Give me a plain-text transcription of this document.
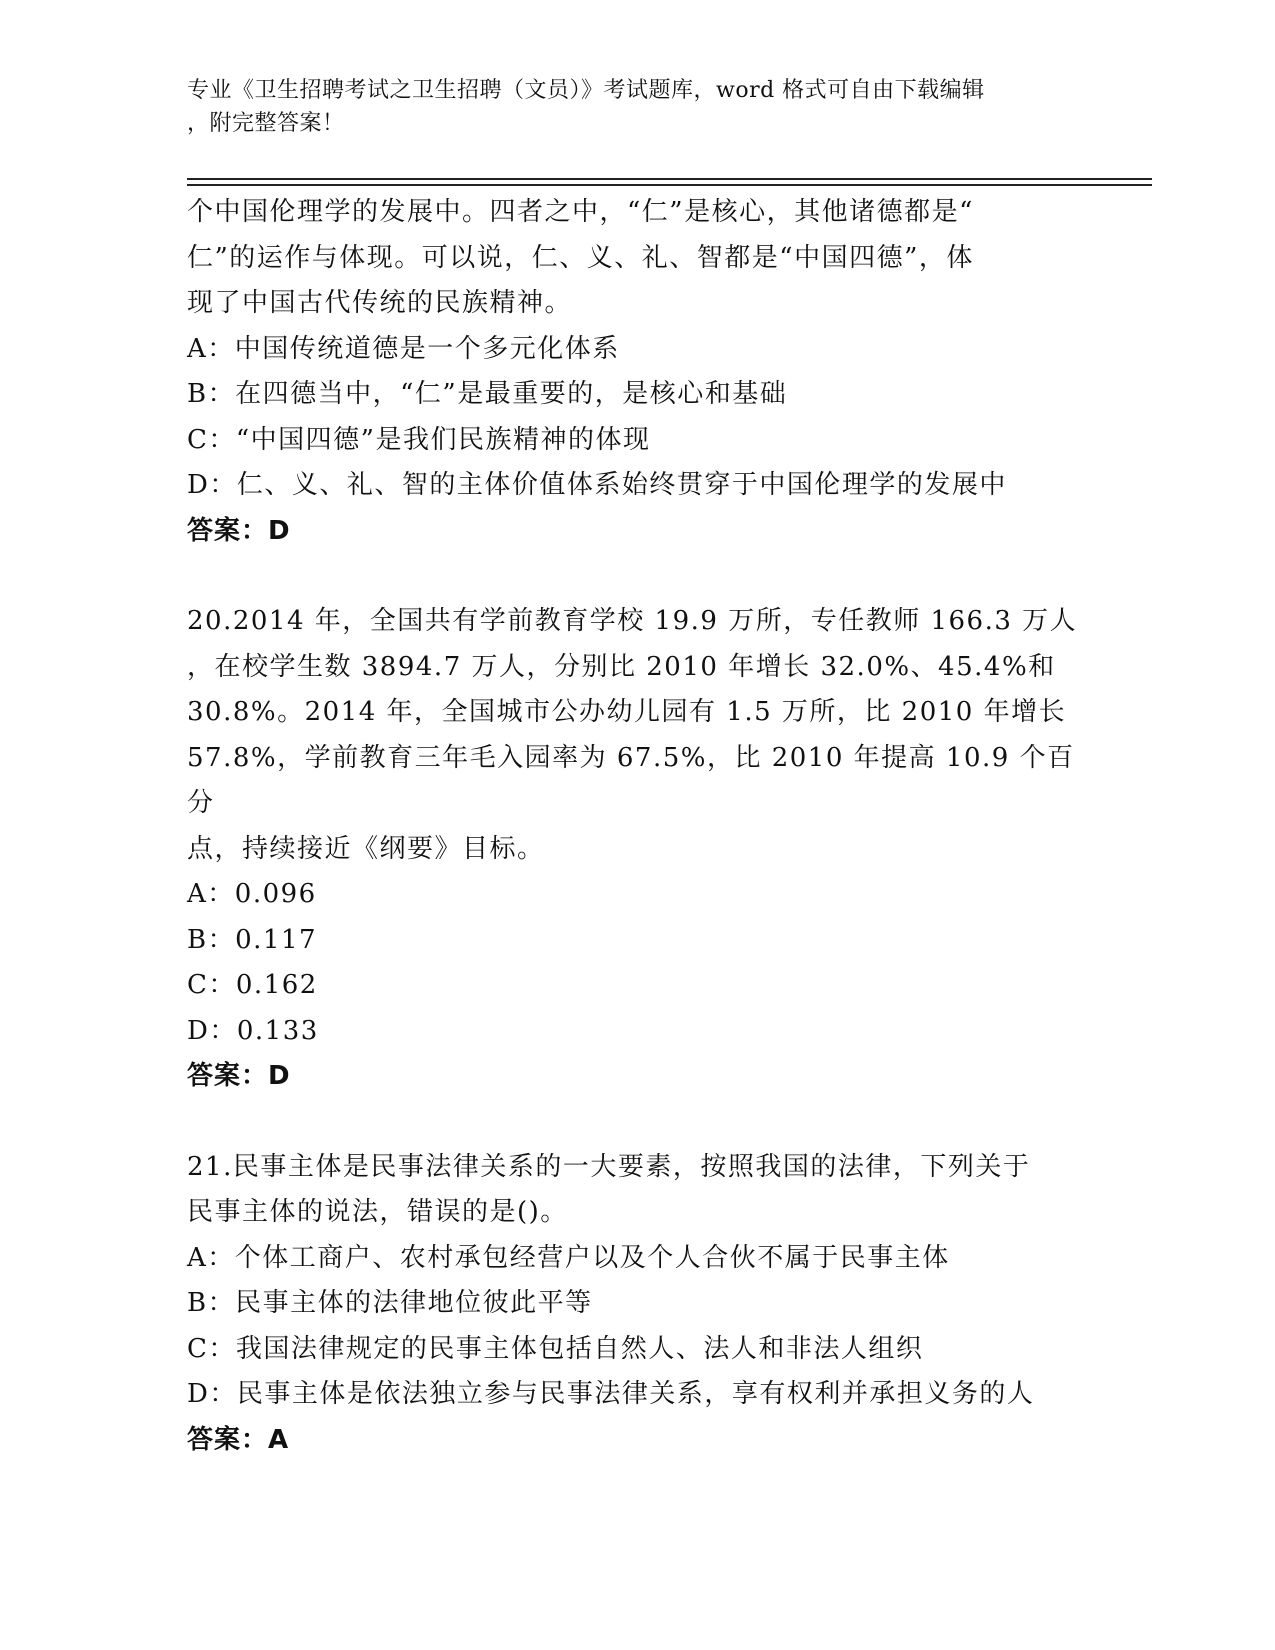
专业《卫生招聘考试之卫生招聘（文员）》考试题库，word 格式可自由下载编辑
，附完整答案！

个中国伦理学的发展中。四者之中，“仁”是核心，其他诸德都是“

仁”的运作与体现。可以说，仁、义、礼、智都是“中国四德”，体

现了中国古代传统的民族精神。

A：中国传统道德是一个多元化体系

B：在四德当中，“仁”是最重要的，是核心和基础

C：“中国四德”是我们民族精神的体现

D：仁、义、礼、智的主体价值体系始终贯穿于中国伦理学的发展中

答案：D

20.2014 年，全国共有学前教育学校 19.9 万所，专任教师 166.3 万人

，在校学生数 3894.7 万人，分别比 2010 年增长 32.0%、45.4%和

30.8%。2014 年，全国城市公办幼儿园有 1.5 万所，比 2010 年增长

57.8%，学前教育三年毛入园率为 67.5%，比 2010 年提高 10.9 个百分

点，持续接近《纲要》目标。

A：0.096

B：0.117

C：0.162

D：0.133

答案：D

21.民事主体是民事法律关系的一大要素，按照我国的法律，下列关于

民事主体的说法，错误的是()。

A：个体工商户、农村承包经营户以及个人合伙不属于民事主体

B：民事主体的法律地位彼此平等

C：我国法律规定的民事主体包括自然人、法人和非法人组织

D：民事主体是依法独立参与民事法律关系，享有权利并承担义务的人

答案：A
